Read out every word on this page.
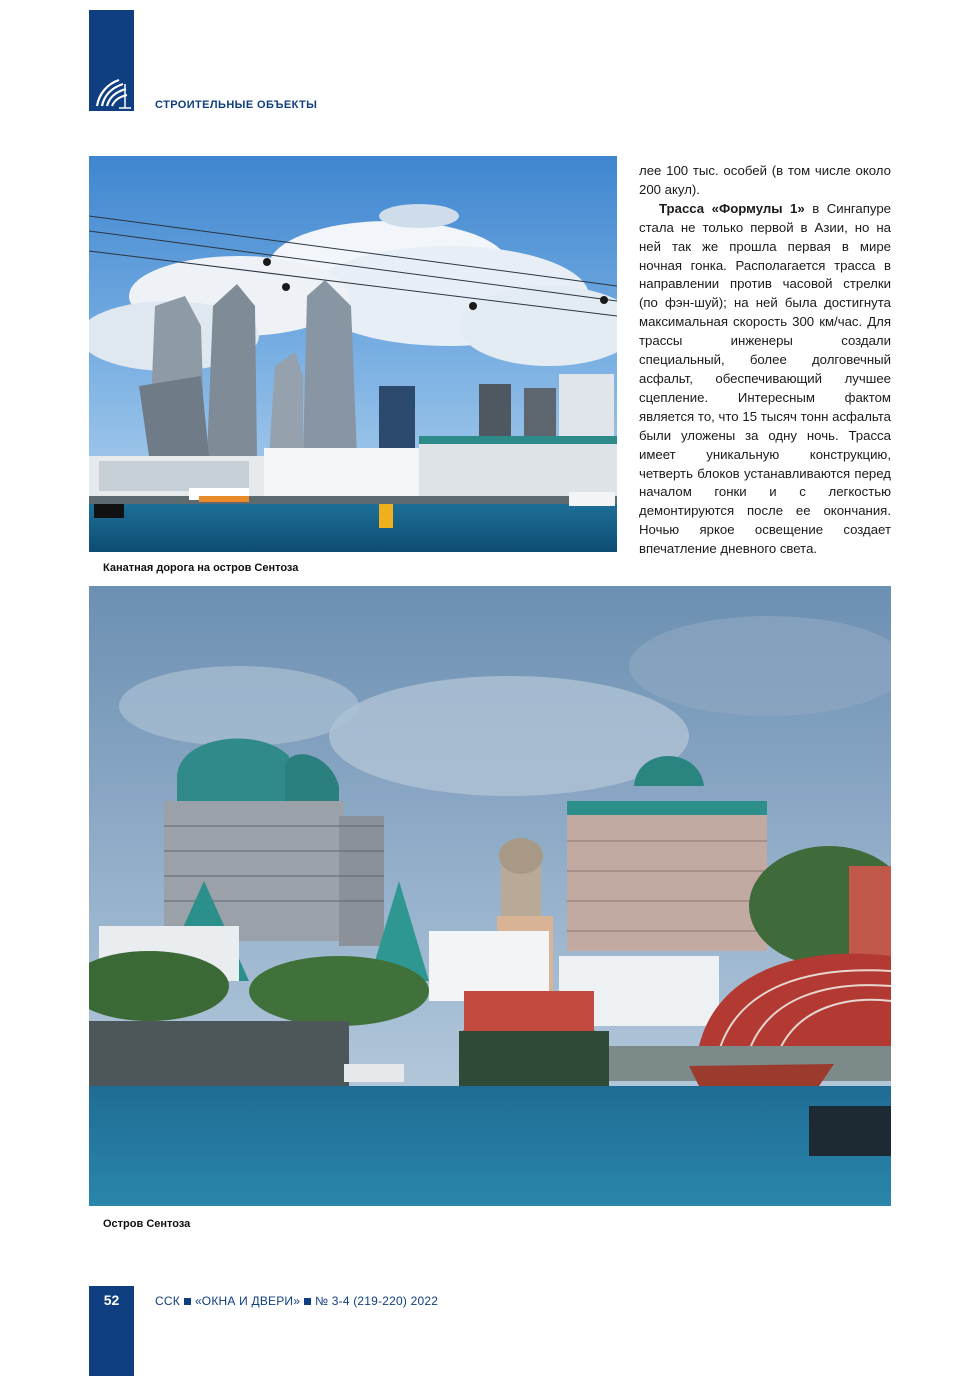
СТРОИТЕЛЬНЫЕ ОБЪЕКТЫ
Канатная дорога на остров Сентоза

лее 100 тыс. особей (в том числе около 200 акул).

Трасса «Формулы 1» в Сингапуре стала не только первой в Азии, но на ней так же прошла первая в мире ночная гонка. Располагается трасса в направлении против часовой стрелки (по фэн-шуй); на ней была достигнута максимальная скорость 300 км/час. Для трассы инженеры создали специальный, более долговечный асфальт, обеспечивающий лучшее сцепление. Интересным фактом является то, что 15 тысяч тонн асфальта были уложены за одну ночь. Трасса имеет уникальную конструкцию, четверть блоков устанавливаются перед началом гонки и с легкостью демонтируются после ее окончания. Ночью яркое освещение создает впечатление дневного света.

Остров Сентоза
52	ССК «ОКНА И ДВЕРИ» № 3-4 (219-220) 2022
